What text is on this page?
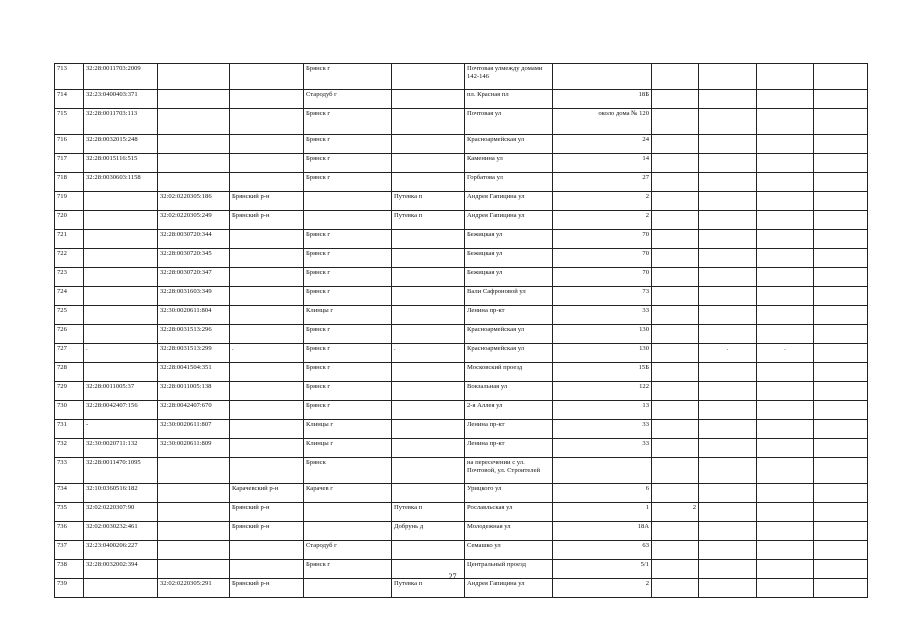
713	32:28:0011703:2009			Брянск г		Почтовая улмежду домами 142-146					
714	32:23:0400403:371			Стародуб г		пл. Красная пл	18Б				
715	32:28:0011703:113			Брянск г		Почтовая ул	около дома № 120				
716	32:28:0032015:248			Брянск г		Красноармейская ул	24				
717	32:28:0015116:515			Брянск г		Каменина ул	14				
718	32:28:0030603:1158			Брянск г		Горбатова ул	27				
719		32:02:0220305:186	Брянский р-н		Путевка п	Андрея Гапицина ул	2				
720		32:02:0220305:249	Брянский р-н		Путевка п	Андрея Гапицина ул	2				
721		32:28:0030720:344		Брянск г		Бежицкая ул	70				
722		32:28:0030720:345		Брянск г		Бежицкая ул	70				
723		32:28:0030720:347		Брянск г		Бежицкая ул	70				
724		32:28:0031603:349		Брянск г		Вали Сафроновой ул	73				
725		32:30:0020611:804		Клинцы г		Ленина пр-кт	33				
726		32:28:0031513:296		Брянск г		Красноармейская ул	130				
727	.	32:28:0031513:299	.	Брянск г	.	Красноармейская ул	130		.	.	
728		32:28:0041504:351		Брянск г		Московский проезд	15Б				
729	32:28:0011005:37	32:28:0011005:138		Брянск г		Вокзальная ул	122				
730	32:28:0042407:156	32:28:0042407:670		Брянск г		2-я Аллея ул	13				
731	-	32:30:0020611:807		Клинцы г		Ленина пр-кт	33				
732	32:30:0020711:132	32:30:0020611:809		Клинцы г		Ленина пр-кт	33				
733	32:28:0011470:1095			Брянск		на пересечении с ул. Почтовой, ул. Строителей					
734	32:10:0360516:182		Карачевский р-н	Карачев г		Урицкого ул	6				
735	32:02:0220307:90		Брянский р-н		Путевка п	Рославльская ул	1	2			
736	32:02:0030232:461		Брянский р-н		Добрунь д	Молодежная ул	18А				
737	32:23:0400206:227			Стародуб г		Семашко ул	63				
738	32:28:0032002:394			Брянск г		Центральный проезд	5/1				
739		32:02:0220305:291	Брянский р-н		Путевка п	Андрея Гапицина ул	2				
27
